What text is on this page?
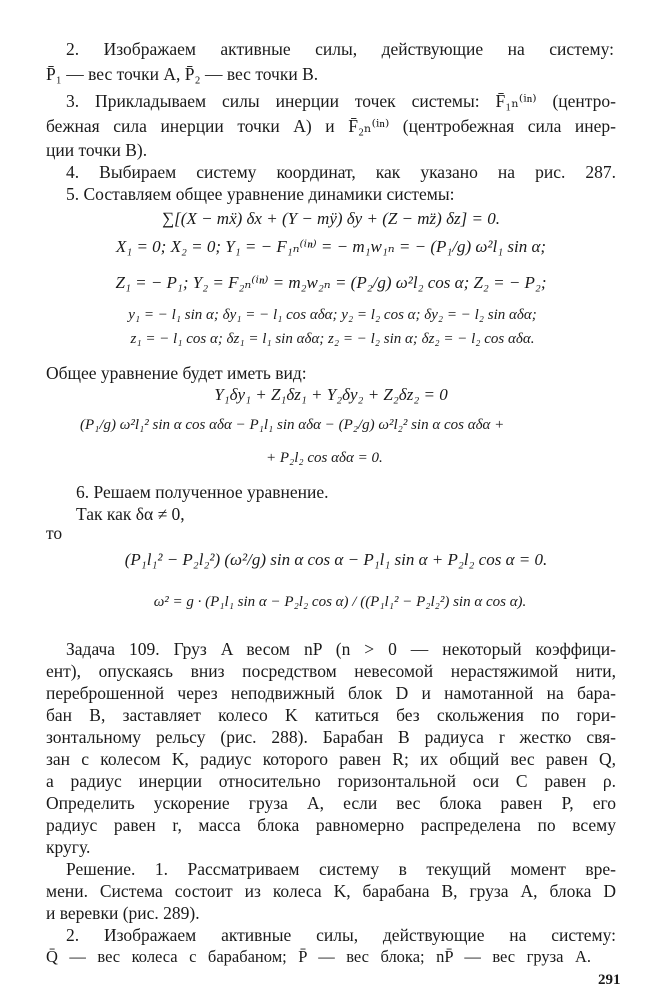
2. Изображаем активные силы, действующие на систему:
P̄₁ — вес точки A, P̄₂ — вес точки B.
3. Прикладываем силы инерции точек системы: F̄₁ₙ⁽ⁱⁿ⁾ (центро-
бежная сила инерции точки A) и F̄₂ₙ⁽ⁱⁿ⁾ (центробежная сила инер-
ции точки B).
4. Выбираем систему координат, как указано на рис. 287.
5. Составляем общее уравнение динамики системы:
∑[(X − mẍ) δx + (Y − mÿ) δy + (Z − mz̈) δz] = 0.
X₁ = 0; X₂ = 0; Y₁ = − F₁ₙ⁽ⁱⁿ⁾ = − m₁w₁ₙ = − (P₁/g) ω²l₁ sin α;
Z₁ = − P₁; Y₂ = F₂ₙ⁽ⁱⁿ⁾ = m₂w₂ₙ = (P₂/g) ω²l₂ cos α; Z₂ = − P₂;
y₁ = − l₁ sin α; δy₁ = − l₁ cos αδα; y₂ = l₂ cos α; δy₂ = − l₂ sin αδα;
z₁ = − l₁ cos α; δz₁ = l₁ sin αδα; z₂ = − l₂ sin α; δz₂ = − l₂ cos αδα.
Общее уравнение будет иметь вид:
Y₁δy₁ + Z₁δz₁ + Y₂δy₂ + Z₂δz₂ = 0
(P₁/g) ω²l₁² sin α cos αδα − P₁l₁ sin αδα − (P₂/g) ω²l₂² sin α cos αδα +
+ P₂l₂ cos αδα = 0.
6. Решаем полученное уравнение.
Так как δα ≠ 0,
то
(P₁l₁² − P₂l₂²) (ω²/g) sin α cos α − P₁l₁ sin α + P₂l₂ cos α = 0.
ω² = g · (P₁l₁ sin α − P₂l₂ cos α) / ((P₁l₁² − P₂l₂²) sin α cos α).
Задача 109. Груз A весом nP (n > 0 — некоторый коэффици-
ент), опускаясь вниз посредством невесомой нерастяжимой нити,
переброшенной через неподвижный блок D и намотанной на бара-
бан B, заставляет колесо K катиться без скольжения по гори-
зонтальному рельсу (рис. 288). Барабан B радиуса r жестко свя-
зан с колесом K, радиус которого равен R; их общий вес равен Q,
а радиус инерции относительно горизонтальной оси C равен ρ.
Определить ускорение груза A, если вес блока равен P, его
радиус равен r, масса блока равномерно распределена по всему
кругу.
Решение. 1. Рассматриваем систему в текущий момент вре-
мени. Система состоит из колеса K, барабана B, груза A, блока D
и веревки (рис. 289).
2. Изображаем активные силы, действующие на систему:
Q̄ — вес колеса с барабаном; P̄ — вес блока; nP̄ — вес груза A.
291
